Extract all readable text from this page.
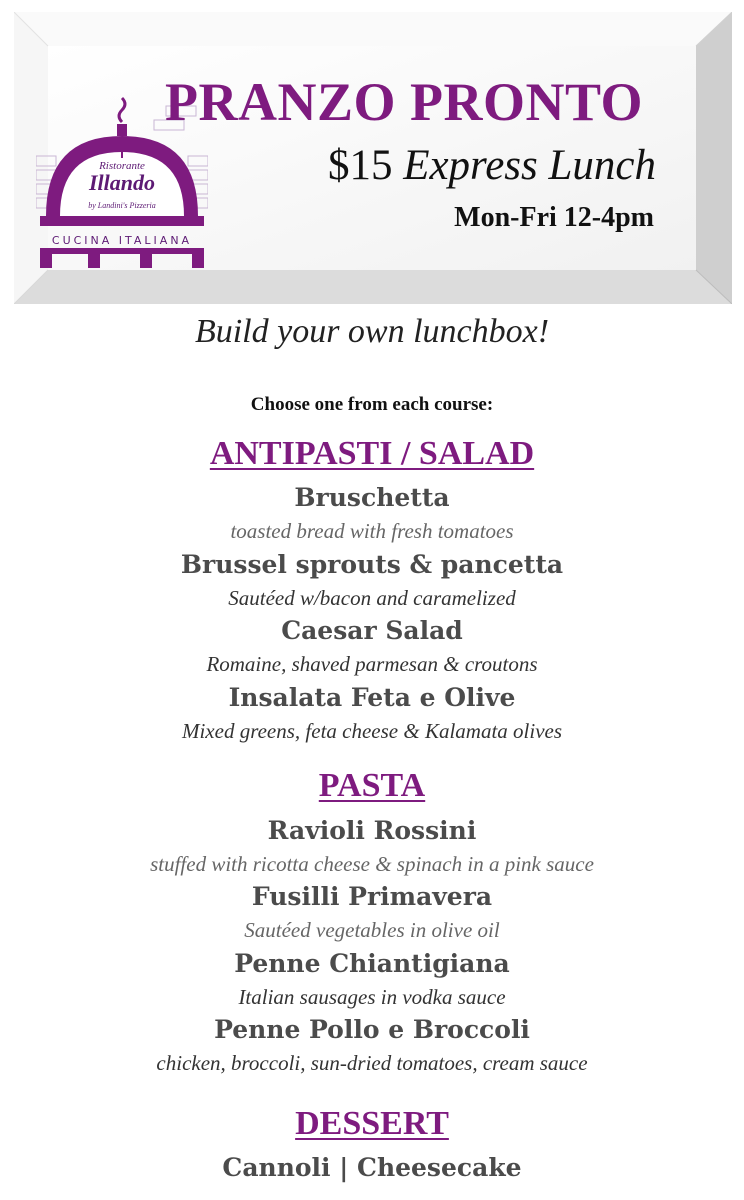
Ristorante
Illando
by Landini's Pizzeria
CUCINA ITALIANA
PRANZO PRONTO

$15 Express Lunch

Mon-Fri 12-4pm

Build your own lunchbox!

Choose one from each course:

ANTIPASTI / SALAD
Bruschetta
toasted bread with fresh tomatoes
Brussel sprouts & pancetta
Sautéed w/bacon and caramelized
Caesar Salad
Romaine, shaved parmesan & croutons
Insalata Feta e Olive
Mixed greens, feta cheese & Kalamata olives
PASTA
Ravioli Rossini
stuffed with ricotta cheese & spinach in a pink sauce
Fusilli Primavera
Sautéed vegetables in olive oil
Penne Chiantigiana
Italian sausages in vodka sauce
Penne Pollo e Broccoli
chicken, broccoli, sun-dried tomatoes, cream sauce
DESSERT
Cannoli | Cheesecake
